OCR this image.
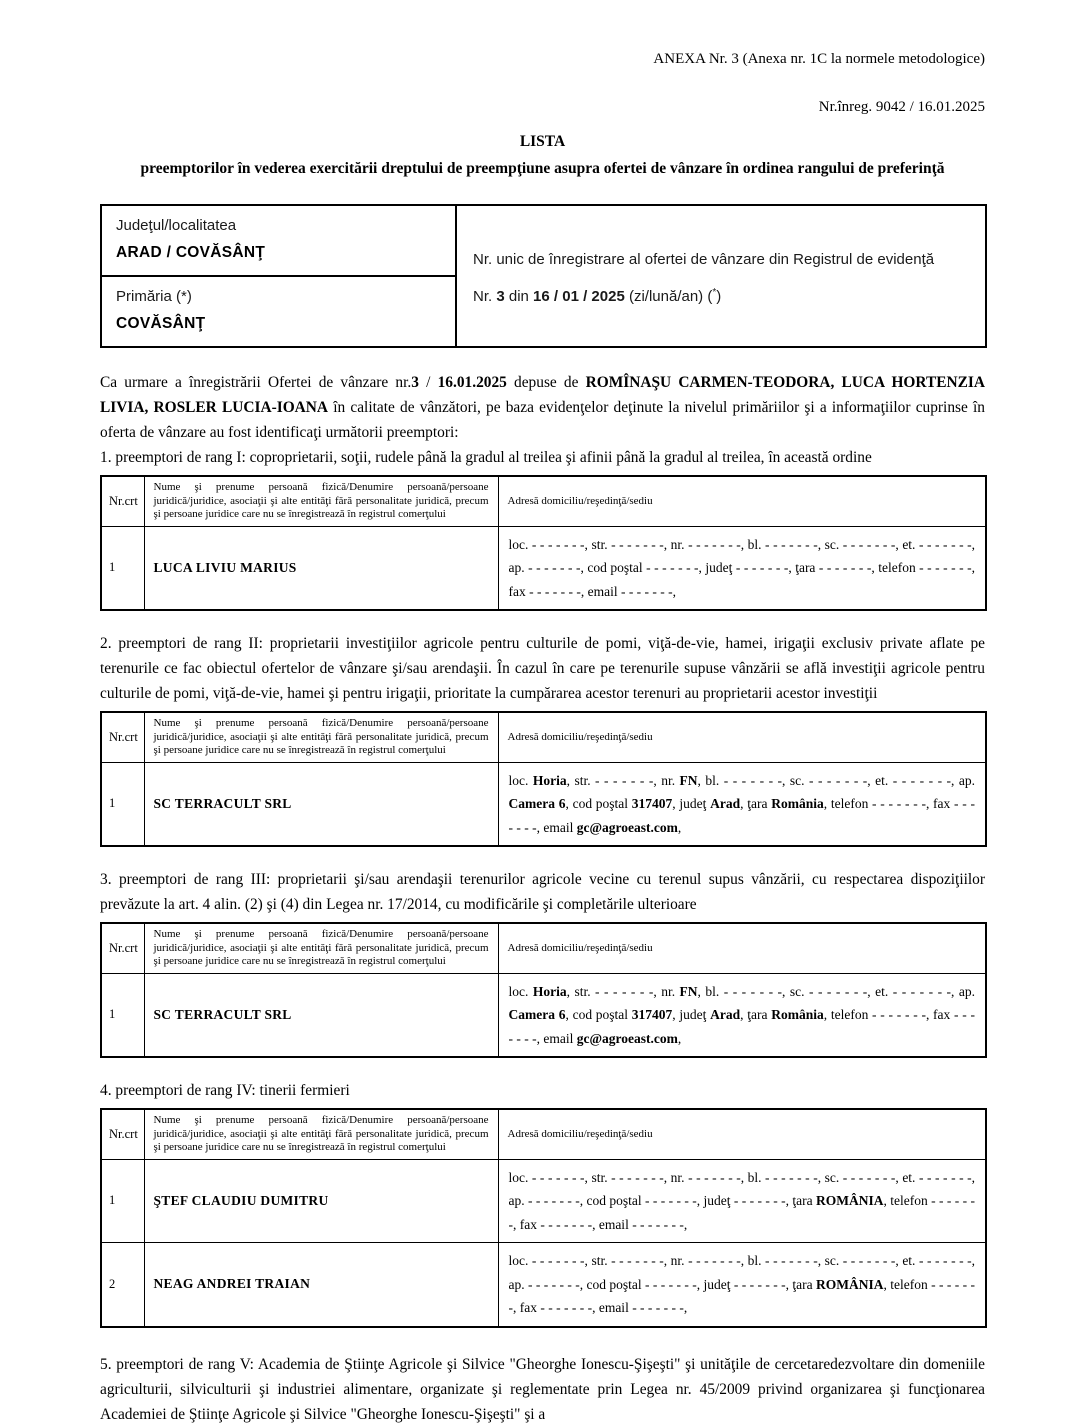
ANEXA Nr. 3 (Anexa nr. 1C la normele metodologice)
Nr.înreg. 9042 / 16.01.2025
LISTA
preemptorilor în vederea exercitării dreptului de preempţiune asupra ofertei de vânzare în ordinea rangului de preferinţă
Judeţul/localitatea
ARAD / COVĂSÂNŢ	Nr. unic de înregistrare al ofertei de vânzare din Registrul de evidenţă
Nr. 3 din 16 / 01 / 2025 (zi/lună/an) (*)

Primăria (*)
COVĂSÂNŢ

Ca urmare a înregistrării Ofertei de vânzare nr.3 / 16.01.2025 depuse de ROMÎNAŞU CARMEN-TEODORA, LUCA HORTENZIA LIVIA, ROSLER LUCIA-IOANA în calitate de vânzători, pe baza evidenţelor deţinute la nivelul primăriilor şi a informaţiilor cuprinse în oferta de vânzare au fost identificaţi următorii preemptori:

1. preemptori de rang I: coproprietarii, soţii, rudele până la gradul al treilea şi afinii până la gradul al treilea, în această ordine

Nr.crt	Nume şi prenume persoană fizică/Denumire persoană/persoane juridică/juridice, asociaţii şi alte entităţi fără personalitate juridică, precum şi persoane juridice care nu se înregistrează în registrul comerţului	Adresă domiciliu/reşedinţă/sediu
1	LUCA LIVIU MARIUS	loc. - - - - - - -, str. - - - - - - -, nr. - - - - - - -, bl. - - - - - - -, sc. - - - - - - -, et. - - - - - - -, ap. - - - - - - -, cod poştal - - - - - - -, judeţ - - - - - - -, ţara - - - - - - -, telefon - - - - - - -, fax - - - - - - -, email - - - - - - -,

2. preemptori de rang II: proprietarii investiţiilor agricole pentru culturile de pomi, viţă-de-vie, hamei, irigaţii exclusiv private aflate pe terenurile ce fac obiectul ofertelor de vânzare şi/sau arendaşii. În cazul în care pe terenurile supuse vânzării se află investiţii agricole pentru culturile de pomi, viţă-de-vie, hamei şi pentru irigaţii, prioritate la cumpărarea acestor terenuri au proprietarii acestor investiţii

Nr.crt	Nume şi prenume persoană fizică/Denumire persoană/persoane juridică/juridice, asociaţii şi alte entităţi fără personalitate juridică, precum şi persoane juridice care nu se înregistrează în registrul comerţului	Adresă domiciliu/reşedinţă/sediu
1	SC TERRACULT SRL	loc. Horia, str. - - - - - - -, nr. FN, bl. - - - - - - -, sc. - - - - - - -, et. - - - - - - -, ap. Camera 6, cod poştal 317407, judeţ Arad, ţara România, telefon - - - - - - -, fax - - - - - - -, email gc@agroeast.com,

3. preemptori de rang III: proprietarii şi/sau arendaşii terenurilor agricole vecine cu terenul supus vânzării, cu respectarea dispoziţiilor prevăzute la art. 4 alin. (2) şi (4) din Legea nr. 17/2014, cu modificările şi completările ulterioare

Nr.crt	Nume şi prenume persoană fizică/Denumire persoană/persoane juridică/juridice, asociaţii şi alte entităţi fără personalitate juridică, precum şi persoane juridice care nu se înregistrează în registrul comerţului	Adresă domiciliu/reşedinţă/sediu
1	SC TERRACULT SRL	loc. Horia, str. - - - - - - -, nr. FN, bl. - - - - - - -, sc. - - - - - - -, et. - - - - - - -, ap. Camera 6, cod poştal 317407, judeţ Arad, ţara România, telefon - - - - - - -, fax - - - - - - -, email gc@agroeast.com,

4. preemptori de rang IV: tinerii fermieri

Nr.crt	Nume şi prenume persoană fizică/Denumire persoană/persoane juridică/juridice, asociaţii şi alte entităţi fără personalitate juridică, precum şi persoane juridice care nu se înregistrează în registrul comerţului	Adresă domiciliu/reşedinţă/sediu
1	ŞTEF CLAUDIU DUMITRU	loc. - - - - - - -, str. - - - - - - -, nr. - - - - - - -, bl. - - - - - - -, sc. - - - - - - -, et. - - - - - - -, ap. - - - - - - -, cod poştal - - - - - - -, judeţ - - - - - - -, ţara ROMÂNIA, telefon - - - - - - -, fax - - - - - - -, email - - - - - - -,
2	NEAG ANDREI TRAIAN	loc. - - - - - - -, str. - - - - - - -, nr. - - - - - - -, bl. - - - - - - -, sc. - - - - - - -, et. - - - - - - -, ap. - - - - - - -, cod poştal - - - - - - -, judeţ - - - - - - -, ţara ROMÂNIA, telefon - - - - - - -, fax - - - - - - -, email - - - - - - -,

5. preemptori de rang V: Academia de Ştiinţe Agricole şi Silvice "Gheorghe Ionescu-Şişeşti" şi unităţile de cercetaredezvoltare din domeniile agriculturii, silviculturii şi industriei alimentare, organizate şi reglementate prin Legea nr. 45/2009 privind organizarea şi funcţionarea Academiei de Ştiinţe Agricole şi Silvice "Gheorghe Ionescu-Şişeşti" şi a
